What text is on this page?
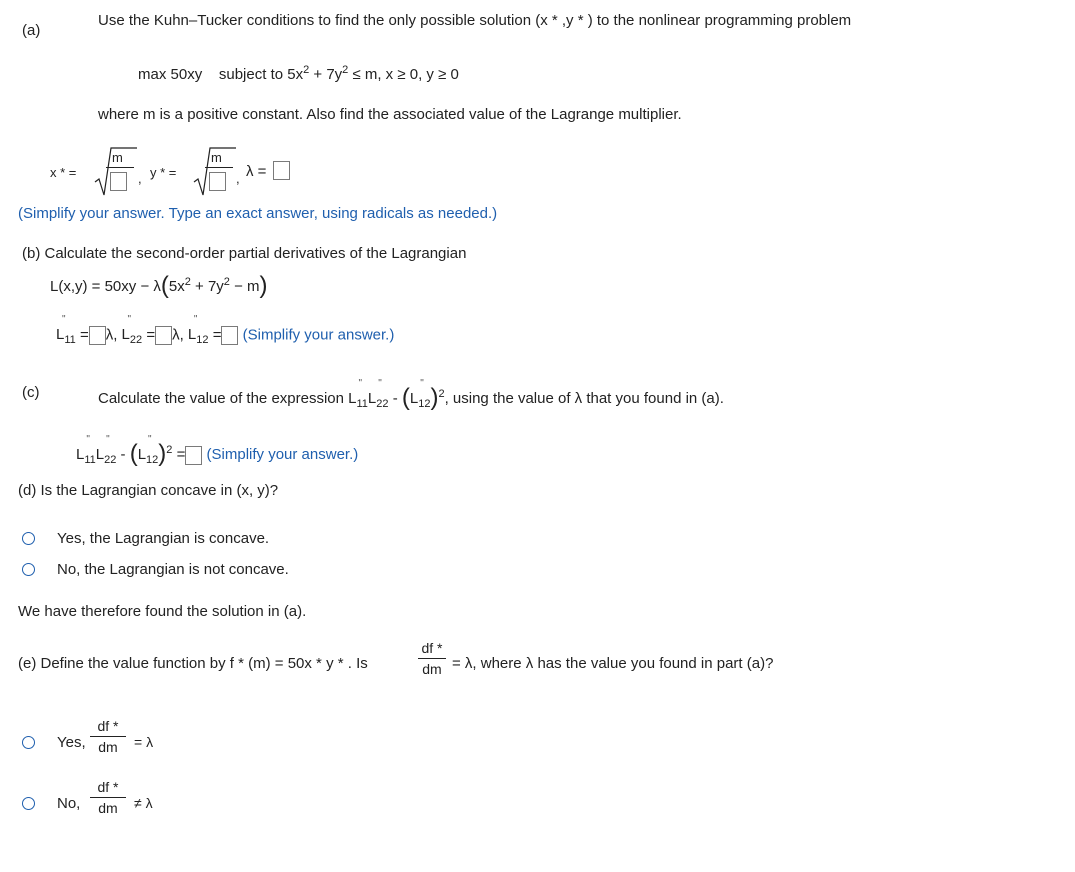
(a)
Use the Kuhn–Tucker conditions to find the only possible solution (x * ,y * ) to the nonlinear programming problem
max 50xy subject to $5x^2 + 7y^2 \le m$, x ≥ 0, y ≥ 0
where m is a positive constant. Also find the associated value of the Lagrange multiplier.
x * =
m
, y * =
m
, λ =
(Simplify your answer. Type an exact answer, using radicals as needed.)
(b) Calculate the second-order partial derivatives of the Lagrangian
$L(x,y) = 50xy - \lambda(5x^2 + 7y^2 - m)$
"
$L_{11} = \lambda$,
"
$L_{22} = \lambda$,
"
$L_{12}$ = (Simplify your answer.)
(c)	Calculate the value of the expression L
"
$_{11}$L
"
$_{22}$ - (L
"
$_{12}$)$^2$, using the value of λ that you found in (a).
L
"
$_{11}$L
"
$_{22}$ - (L
"
$_{12}$)$^2$ = (Simplify your answer.)
(d) Is the Lagrangian concave in (x, y)?
Yes, the Lagrangian is concave.
No, the Lagrangian is not concave.
We have therefore found the solution in (a).
(e) Define the value function by f * (m) = 50x * y * . Is
df *
dm = λ, where λ has the value you found in part (a)?
Yes,
df *
dm	= λ
No,
df *
dm	≠ λ
